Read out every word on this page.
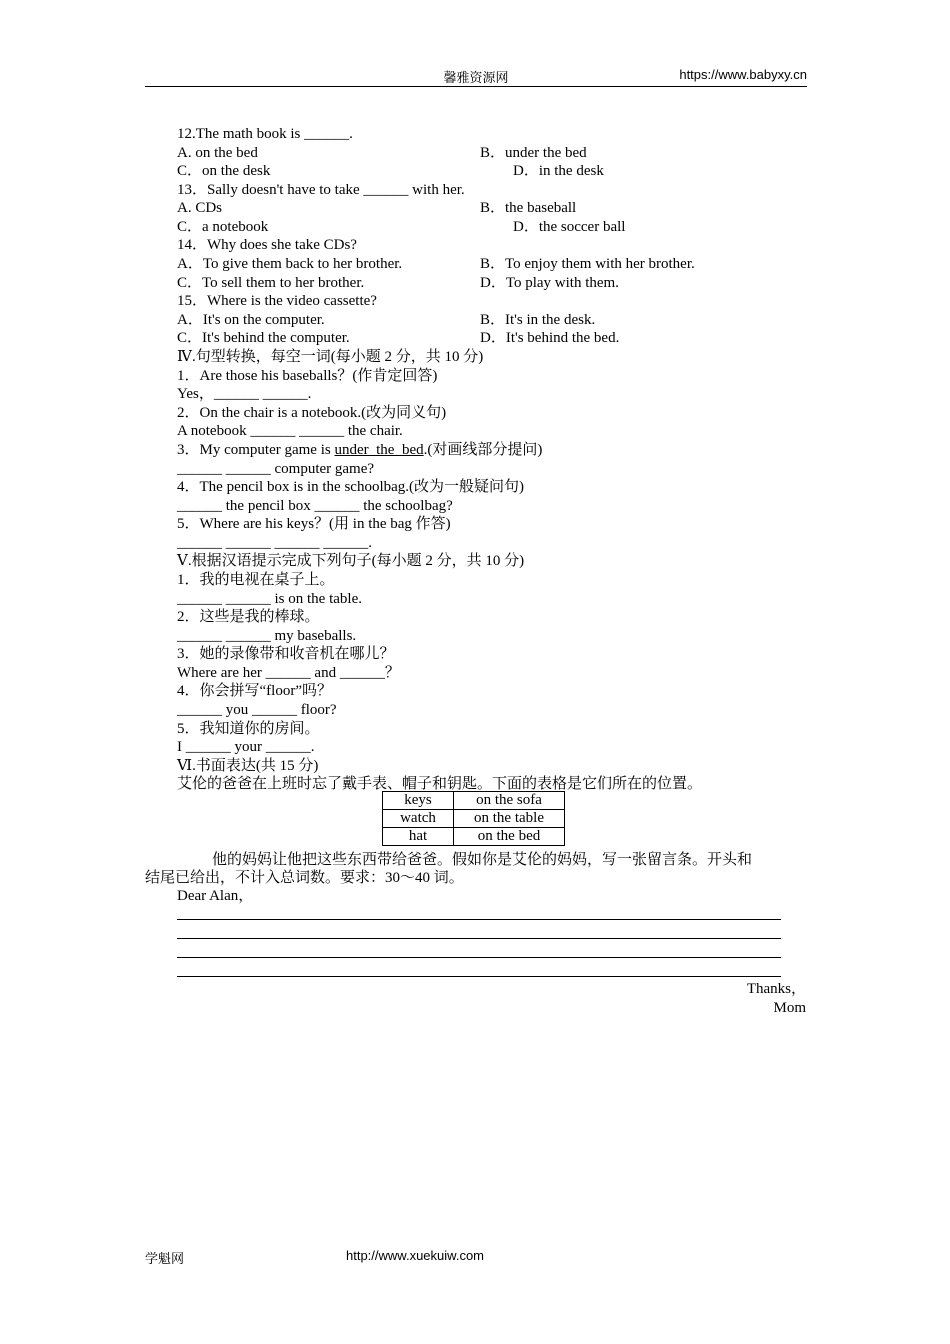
馨雅资源网	https://www.babyxy.cn
12.The math book is ______.
A. on the bed	B．under the bed
C．on the desk	D．in the desk
13．Sally doesn't have to take ______ with her.
A. CDs	B．the baseball
C．a notebook	D．the soccer ball
14．Why does she take CDs?
A．To give them back to her brother.	B．To enjoy them with her brother.
C．To sell them to her brother.	D．To play with them.
15．Where is the video cassette?
A．It's on the computer.	B．It's in the desk.
C．It's behind the computer.	D．It's behind the bed.
Ⅳ.句型转换，每空一词(每小题 2 分，共 10 分)
1．Are those his baseballs？(作肯定回答)
Yes，______ ______.
2．On the chair is a notebook.(改为同义句)
A notebook ______ ______ the chair.
3．My computer game is under  the  bed.(对画线部分提问)
______ ______ computer game?
4．The pencil box is in the schoolbag.(改为一般疑问句)
______ the pencil box ______ the schoolbag?
5．Where are his keys？(用 in the bag 作答)
______ ______ ______ ______.
Ⅴ.根据汉语提示完成下列句子(每小题 2 分，共 10 分)
1．我的电视在桌子上。
______ ______ is on the table.
2．这些是我的棒球。
______ ______ my baseballs.
3．她的录像带和收音机在哪儿？
Where are her ______ and ______？
4．你会拼写“floor”吗？
______ you ______ floor?
5．我知道你的房间。
I ______ your ______.
Ⅵ.书面表达(共 15 分)
艾伦的爸爸在上班时忘了戴手表、帽子和钥匙。下面的表格是它们所在的位置。
keys	on the sofa
watch	on the table
hat	on the bed
他的妈妈让他把这些东西带给爸爸。假如你是艾伦的妈妈，写一张留言条。开头和
结尾已给出，不计入总词数。要求：30～40 词。
Dear Alan，
Thanks，
Mom
学魁网	http://www.xuekuiw.com
